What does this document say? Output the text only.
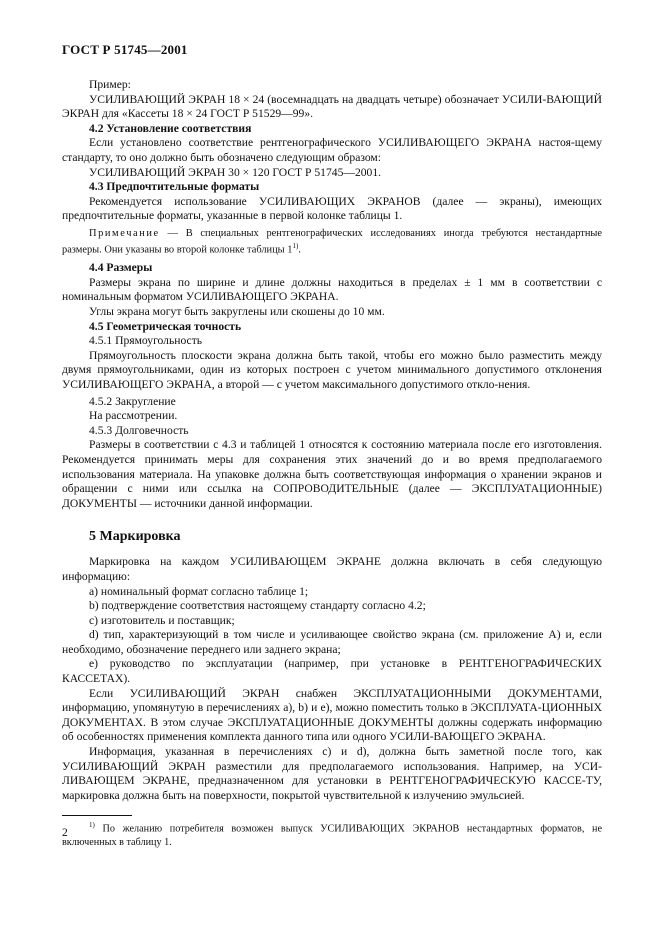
ГОСТ Р 51745—2001

Пример:

УСИЛИВАЮЩИЙ ЭКРАН 18 × 24 (восемнадцать на двадцать четыре) обозначает УСИЛИ-ВАЮЩИЙ ЭКРАН для «Кассеты 18 × 24 ГОСТ Р 51529—99».

4.2 Установление соответствия

Если установлено соответствие рентгенографического УСИЛИВАЮЩЕГО ЭКРАНА настоя-щему стандарту, то оно должно быть обозначено следующим образом:

УСИЛИВАЮЩИЙ ЭКРАН 30 × 120 ГОСТ Р 51745—2001.

4.3 Предпочтительные форматы

Рекомендуется использование УСИЛИВАЮЩИХ ЭКРАНОВ (далее — экраны), имеющих предпочтительные форматы, указанные в первой колонке таблицы 1.

Примечание — В специальных рентгенографических исследованиях иногда требуются нестандартные размеры. Они указаны во второй колонке таблицы 1$^{1)}$.

4.4 Размеры

Размеры экрана по ширине и длине должны находиться в пределах ± 1 мм в соответствии с номинальным форматом УСИЛИВАЮЩЕГО ЭКРАНА.

Углы экрана могут быть закруглены или скошены до 10 мм.

4.5 Геометрическая точность

4.5.1 Прямоугольность

Прямоугольность плоскости экрана должна быть такой, чтобы его можно было разместить между двумя прямоугольниками, один из которых построен с учетом минимального допустимого отклонения УСИЛИВАЮЩЕГО ЭКРАНА, а второй — с учетом максимального допустимого откло-нения.

4.5.2 Закругление

На рассмотрении.

4.5.3 Долговечность

Размеры в соответствии с 4.3 и таблицей 1 относятся к состоянию материала после его изготовления. Рекомендуется принимать меры для сохранения этих значений до и во время предполагаемого использования материала. На упаковке должна быть соответствующая информация о хранении экранов и обращении с ними или ссылка на СОПРОВОДИТЕЛЬНЫЕ (далее — ЭКСПЛУАТАЦИОННЫЕ) ДОКУМЕНТЫ — источники данной информации.

5 Маркировка

Маркировка на каждом УСИЛИВАЮЩЕМ ЭКРАНЕ должна включать в себя следующую информацию:

a) номинальный формат согласно таблице 1;

b) подтверждение соответствия настоящему стандарту согласно 4.2;

c) изготовитель и поставщик;

d) тип, характеризующий в том числе и усиливающее свойство экрана (см. приложение А) и, если необходимо, обозначение переднего или заднего экрана;

e) руководство по эксплуатации (например, при установке в РЕНТГЕНОГРАФИЧЕСКИХ КАССЕТАХ).

Если УСИЛИВАЮЩИЙ ЭКРАН снабжен ЭКСПЛУАТАЦИОННЫМИ ДОКУМЕНТАМИ, информацию, упомянутую в перечислениях а), b) и е), можно поместить только в ЭКСПЛУАТА-ЦИОННЫХ ДОКУМЕНТАХ. В этом случае ЭКСПЛУАТАЦИОННЫЕ ДОКУМЕНТЫ должны содержать информацию об особенностях применения комплекта данного типа или одного УСИЛИ-ВАЮЩЕГО ЭКРАНА.

Информация, указанная в перечислениях с) и d), должна быть заметной после того, как УСИЛИВАЮЩИЙ ЭКРАН разместили для предполагаемого использования. Например, на УСИ-ЛИВАЮЩЕМ ЭКРАНЕ, предназначенном для установки в РЕНТГЕНОГРАФИЧЕСКУЮ КАССЕ-ТУ, маркировка должна быть на поверхности, покрытой чувствительной к излучению эмульсией.

$^{1)}$ По желанию потребителя возможен выпуск УСИЛИВАЮЩИХ ЭКРАНОВ нестандартных форматов, не включенных в таблицу 1.

2
